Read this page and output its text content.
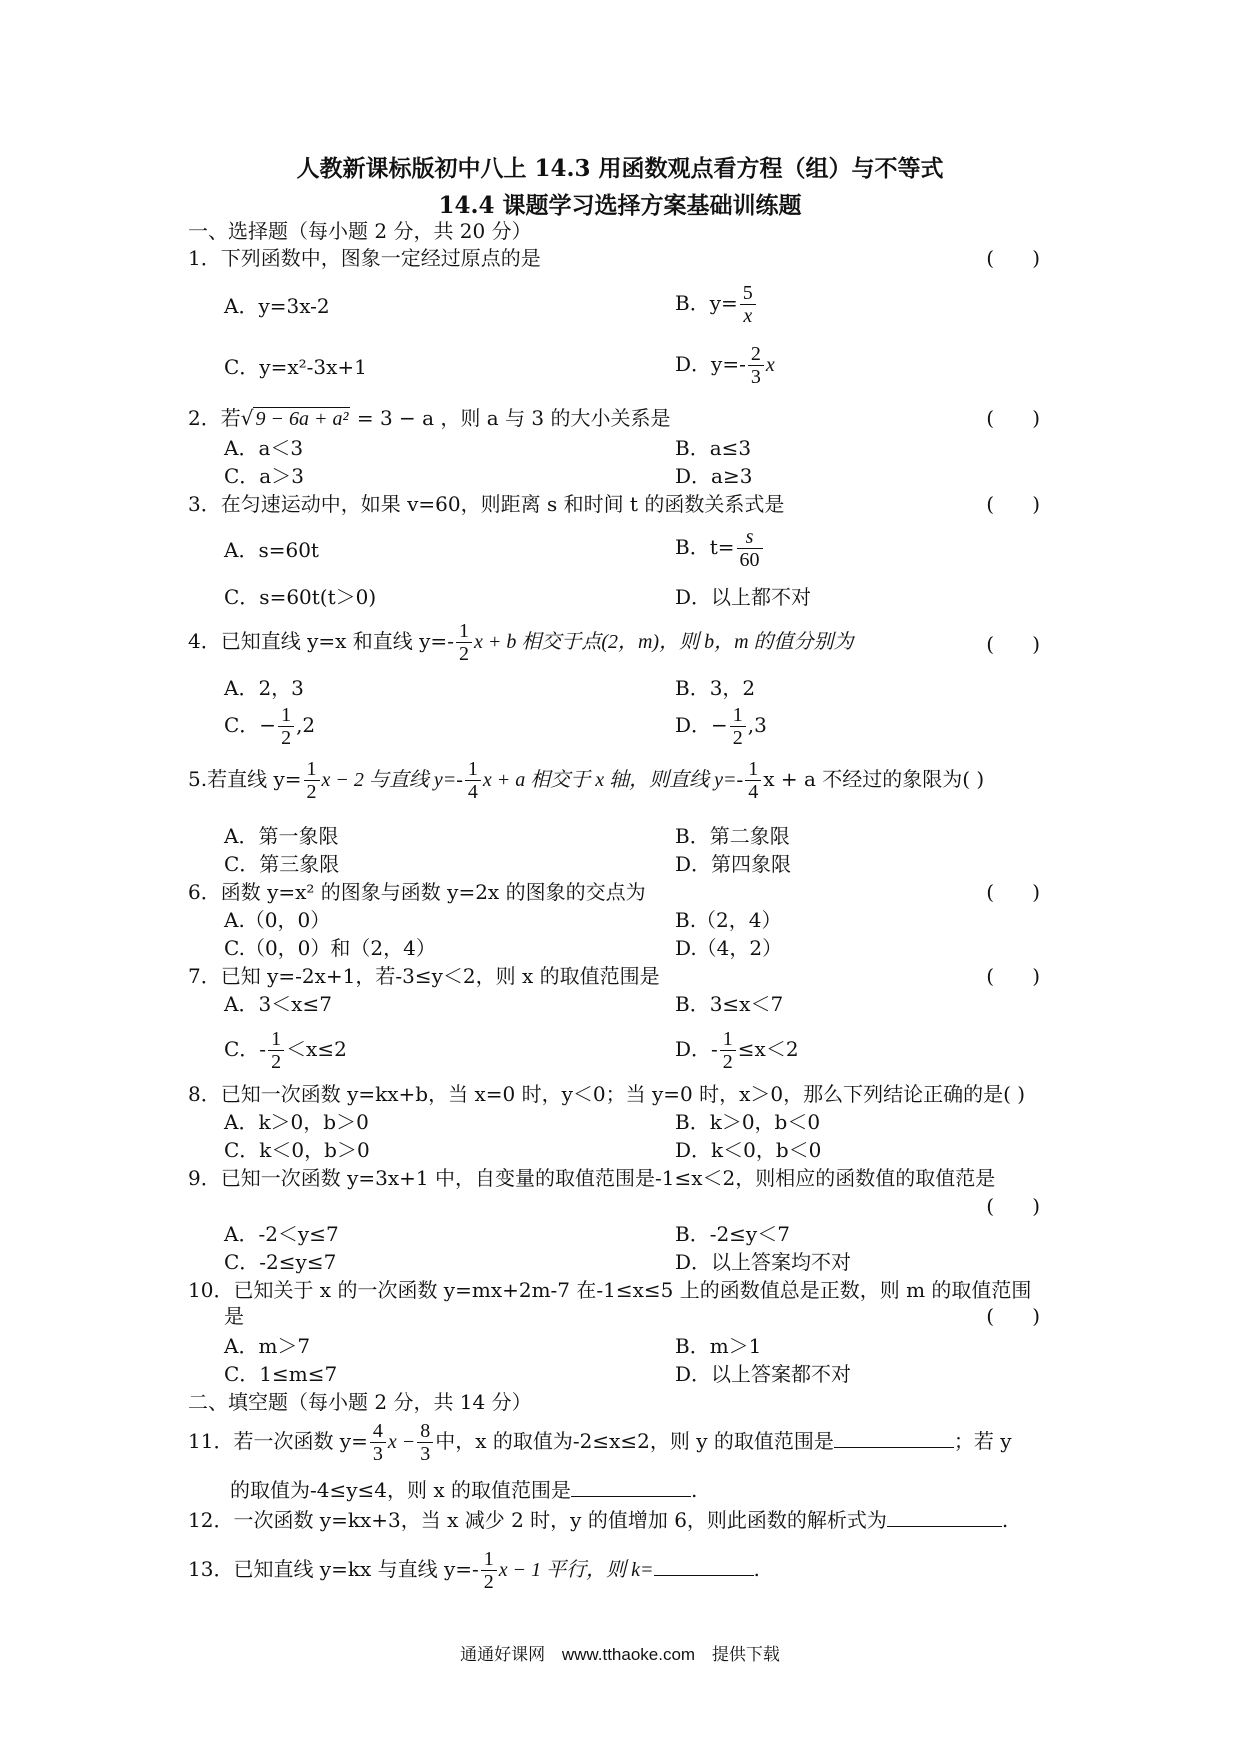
人教新课标版初中八上 14.3 用函数观点看方程（组）与不等式
14.4 课题学习选择方案基础训练题
一、选择题（每小题 2 分，共 20 分）
1．下列函数中，图象一定经过原点的是	(      )
A．y=3x-2	B．$y= \frac{5}{x}$
C．y=x²-3x+1	D．$y=- \frac{2}{3}$ x
2．若√ 9 − 6a + a² = 3 − a ，则 a 与 3 的大小关系是	(      )
A．a＜3	B．a≤3
C．a＞3	D．a≥3
3．在匀速运动中，如果 v=60，则距离 s 和时间 t 的函数关系式是	(      )
A．s=60t	B．$t= \frac{s}{60}$
C．s=60t(t＞0)	D．以上都不对
4．已知直线 y=x 和直线 $y=- \frac{1}{2}$ x + b 相交于点(2，m)，则 b，m 的值分别为	(      )
A．2，3	B．3，2
C．− $\frac{1}{2} ,2$	D．− $\frac{1}{2} ,3$
5.若直线 $y= \frac{1}{2}$ x − 2 与直线 $y=- \frac{1}{4}$ x + a 相交于 x 轴，则直线 $y=- \frac{1}{4}$ x + a 不经过的象限为( )
A．第一象限	B．第二象限
C．第三象限	D．第四象限
6．函数 y=x² 的图象与函数 y=2x 的图象的交点为	(      )
A.（0，0）	B.（2，4）
C.（0，0）和（2，4）	D.（4，2）
7．已知 y=-2x+1，若-3≤y＜2，则 x 的取值范围是	(      )
A．3＜x≤7	B．3≤x＜7
C．- $\frac{1}{2} <x\le 2$	D．- $\frac{1}{2} \le x<2$
8．已知一次函数 y=kx+b，当 x=0 时，y＜0；当 y=0 时，x＞0，那么下列结论正确的是( )
A．k＞0，b＞0	B．k＞0，b＜0
C．k＜0，b＞0	D．k＜0，b＜0
9．已知一次函数 y=3x+1 中，自变量的取值范围是-1≤x＜2，则相应的函数值的取值范是
(      )
A．-2＜y≤7	B．-2≤y＜7
C．-2≤y≤7	D．以上答案均不对
10．已知关于 x 的一次函数 y=mx+2m-7 在-1≤x≤5 上的函数值总是正数，则 m 的取值范围
是	(      )
A．m＞7	B．m＞1
C．1≤m≤7	D．以上答案都不对
二、填空题（每小题 2 分，共 14 分）
11．若一次函数 $y= \frac{4}{3}$ $x - \frac{8}{3}$ 中，x 的取值为-2≤x≤2，则 y 的取值范围是	；若 y
的取值为-4≤y≤4，则 x 的取值范围是	.
12．一次函数 y=kx+3，当 x 减少 2 时，y 的值增加 6，则此函数的解析式为	.
13．已知直线 y=kx 与直线 $y=- \frac{1}{2}$ x − 1 平行，则 k=	.
通通好课网 www.tthaoke.com 提供下载
